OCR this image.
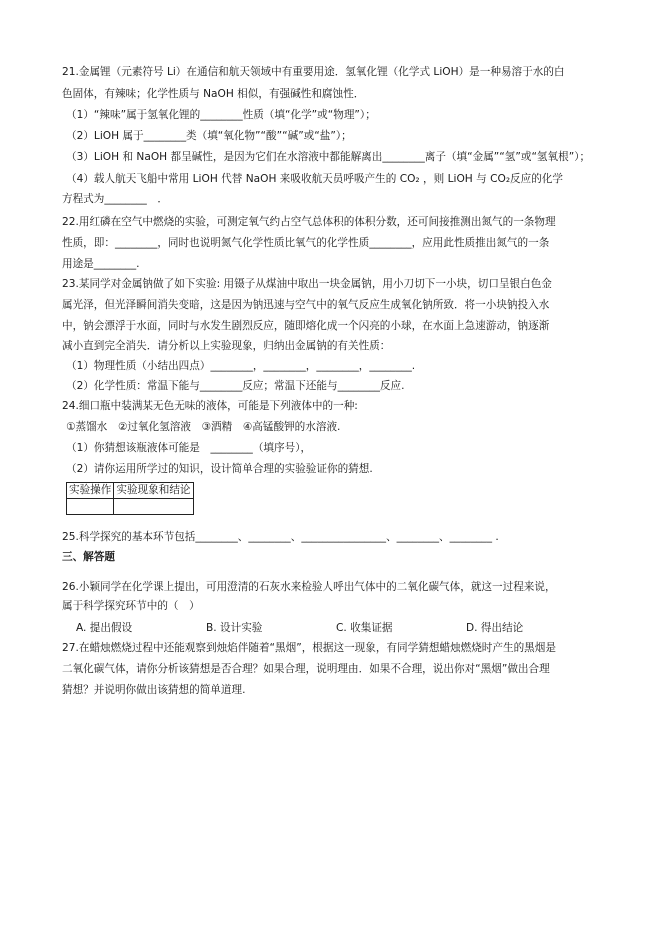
21.金属锂（元素符号 Li）在通信和航天领域中有重要用途．氢氧化锂（化学式 LiOH）是一种易溶于水的白
色固体，有辣味；化学性质与 NaOH 相似，有强碱性和腐蚀性．
（1）“辣味”属于氢氧化锂的________性质（填“化学”或“物理”）；
（2）LiOH 属于________类（填“氧化物”“酸”“碱”或“盐”）；
（3）LiOH 和 NaOH 都呈碱性，是因为它们在水溶液中都能解离出________离子（填“金属”“氢”或“氢氧根”）；
（4）载人航天飞船中常用 LiOH 代替 NaOH 来吸收航天员呼吸产生的 CO₂ ，则 LiOH 与 CO₂反应的化学
方程式为________　．
22.用红磷在空气中燃烧的实验，可测定氧气约占空气总体积的体积分数，还可间接推测出氮气的一条物理
性质，即：________，同时也说明氮气化学性质比氧气的化学性质________，应用此性质推出氮气的一条
用途是________.
23.某同学对金属钠做了如下实验: 用镊子从煤油中取出一块金属钠，用小刀切下一小块，切口呈银白色金
属光泽，但光泽瞬间消失变暗，这是因为钠迅速与空气中的氧气反应生成氧化钠所致．将一小块钠投入水
中，钠会漂浮于水面，同时与水发生剧烈反应，随即熔化成一个闪亮的小球，在水面上急速游动，钠逐渐
减小直到完全消失．请分析以上实验现象，归纳出金属钠的有关性质：
（1）物理性质（小结出四点）________，________，________，________.
（2）化学性质：常温下能与________反应；常温下还能与________反应.
24.细口瓶中装满某无色无味的液体，可能是下列液体中的一种:
①蒸馏水　②过氧化氢溶液　③酒精　④高锰酸钾的水溶液.
（1）你猜想该瓶液体可能是　________（填序号），
（2）请你运用所学过的知识，设计简单合理的实验验证你的猜想.
实验操作	实验现象和结论

25.科学探究的基本环节包括________、________、________________、________、________ .
三、解答题
26.小颖同学在化学课上提出，可用澄清的石灰水来检验人呼出气体中的二氧化碳气体，就这一过程来说，
属于科学探究环节中的（　）
A. 提出假设	B. 设计实验	C. 收集证据	D. 得出结论
27.在蜡烛燃烧过程中还能观察到烛焰伴随着“黑烟”，根据这一现象，有同学猜想蜡烛燃烧时产生的黑烟是
二氧化碳气体，请你分析该猜想是否合理？如果合理，说明理由．如果不合理，说出你对“黑烟”做出合理
猜想？并说明你做出该猜想的简单道理.
